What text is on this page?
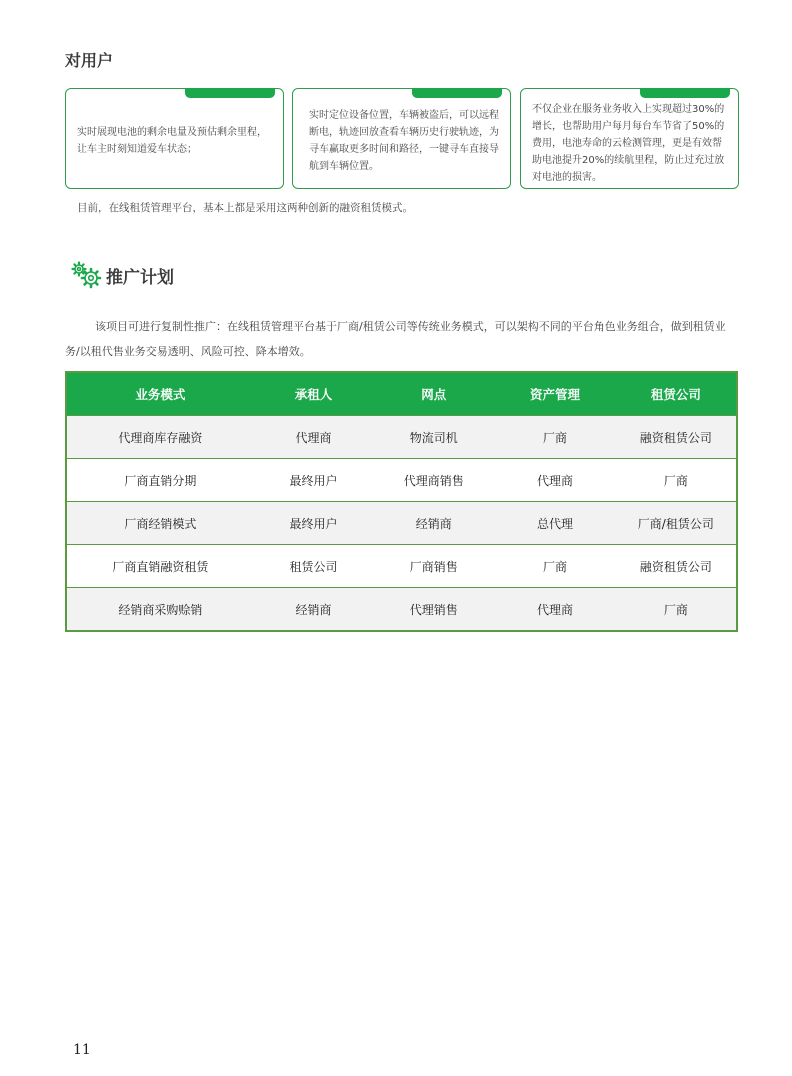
对用户

实时展现电池的剩余电量及预估剩余里程，让车主时刻知道爱车状态；

实时定位设备位置，车辆被盗后，可以远程断电，轨迹回放查看车辆历史行驶轨迹，为寻车赢取更多时间和路径，一键寻车直接导航到车辆位置。

不仅企业在服务业务收入上实现超过30%的增长，也帮助用户每月每台车节省了50%的费用，电池寿命的云检测管理，更是有效帮助电池提升20%的续航里程，防止过充过放对电池的损害。

目前，在线租赁管理平台，基本上都是采用这两种创新的融资租赁模式。

推广计划

该项目可进行复制性推广：在线租赁管理平台基于厂商/租赁公司等传统业务模式，可以架构不同的平台角色业务组合，做到租赁业务/以租代售业务交易透明、风险可控、降本增效。

业务模式	承租人	网点	资产管理	租赁公司
代理商库存融资	代理商	物流司机	厂商	融资租赁公司
厂商直销分期	最终用户	代理商销售	代理商	厂商
厂商经销模式	最终用户	经销商	总代理	厂商/租赁公司
厂商直销融资租赁	租赁公司	厂商销售	厂商	融资租赁公司
经销商采购赊销	经销商	代理销售	代理商	厂商

11
